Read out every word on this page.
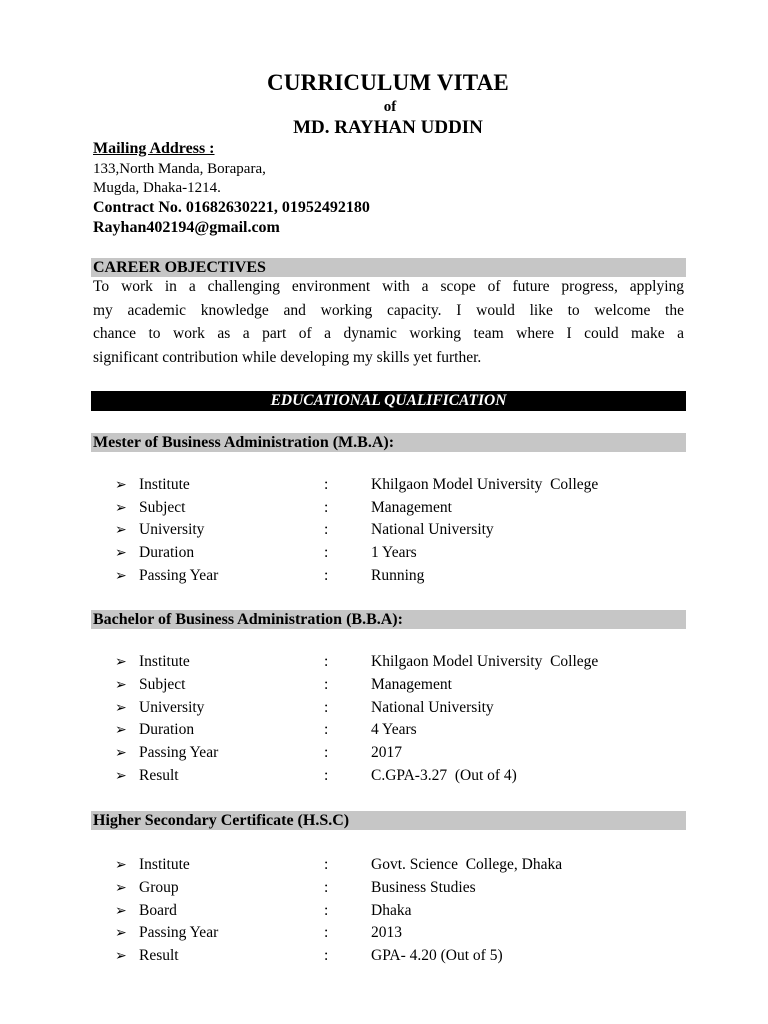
CURRICULUM VITAE
of
MD. RAYHAN UDDIN
Mailing Address :
133,North Manda, Borapara,
Mugda, Dhaka-1214.
Contract No. 01682630221, 01952492180
Rayhan402194@gmail.com
CAREER OBJECTIVES
To work in a challenging environment with a scope of future progress, applying
my academic knowledge and working capacity. I would like to welcome the
chance to work as a part of a dynamic working team where I could make a
significant contribution while developing my skills yet further.
EDUCATIONAL QUALIFICATION
Mester of Business Administration (M.B.A):
➢ Institute	:	Khilgaon Model University  College
➢ Subject	:	Management
➢ University	:	National University
➢ Duration	:	1 Years
➢ Passing Year	:	Running
Bachelor of Business Administration (B.B.A):
➢ Institute	:	Khilgaon Model University  College
➢ Subject	:	Management
➢ University	:	National University
➢ Duration	:	4 Years
➢ Passing Year	:	2017
➢ Result	:	C.GPA-3.27  (Out of 4)
Higher Secondary Certificate (H.S.C)
➢ Institute	:	Govt. Science  College, Dhaka
➢ Group	:	Business Studies
➢ Board	:	Dhaka
➢ Passing Year	:	2013
➢ Result	:	GPA- 4.20 (Out of 5)
